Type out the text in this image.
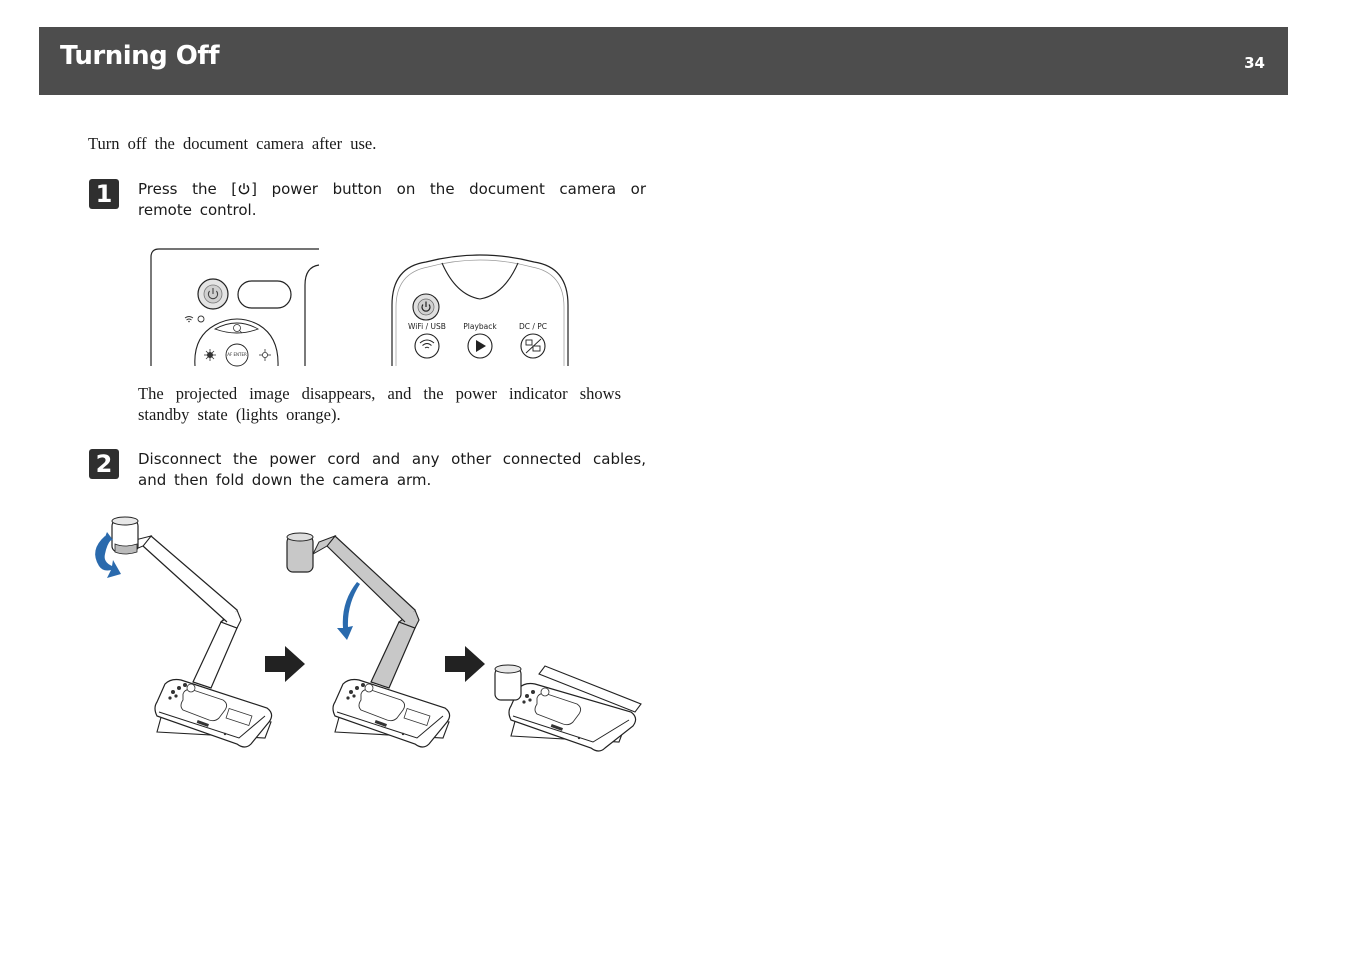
Turning Off	34
Turn off the document camera after use.
1	Press the [ ] power button on the document camera or remote control.
AF ENTER
WiFi / USB Playback	DC / PC
The projected image disappears, and the power indicator shows standby state (lights orange).
2	Disconnect the power cord and any other connected cables, and then fold down the camera arm.
